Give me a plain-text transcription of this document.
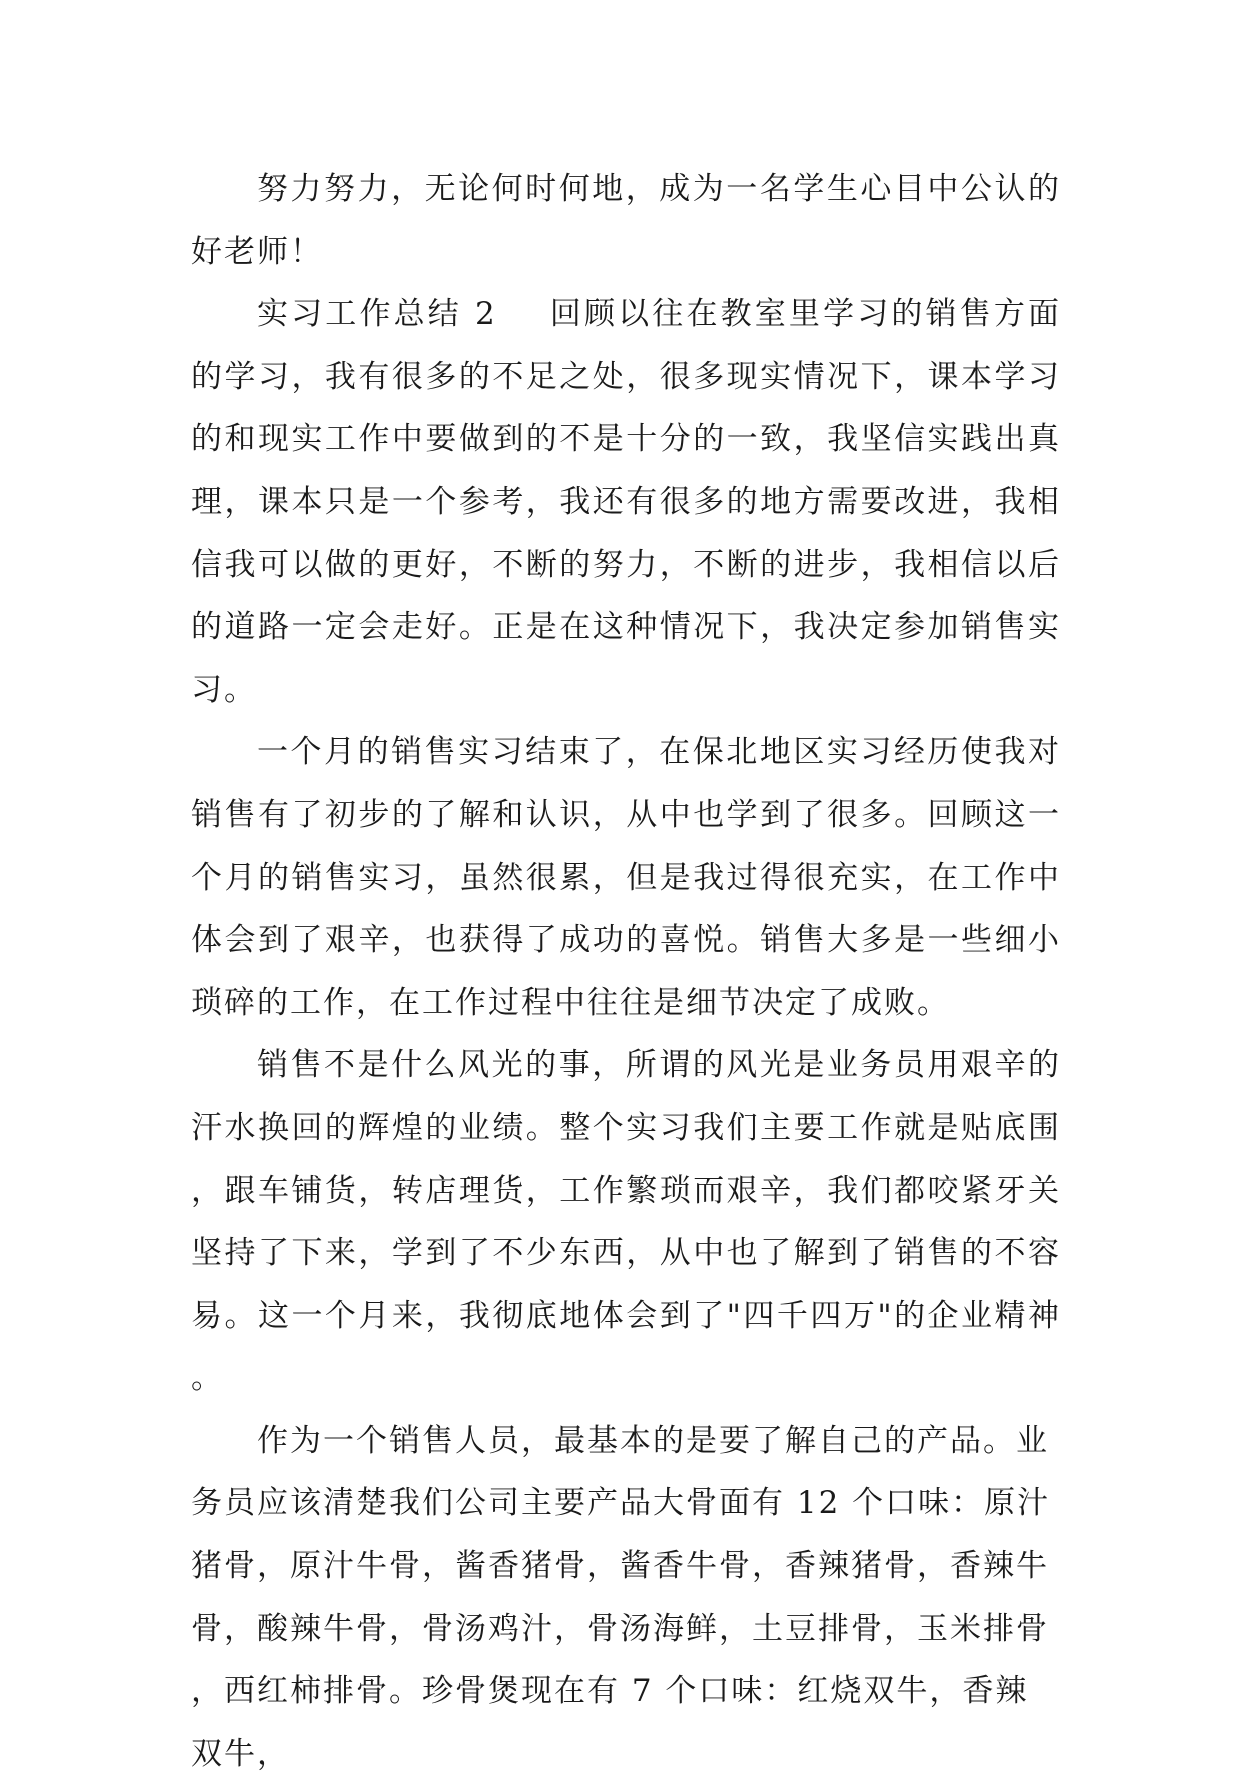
努力努力，无论何时何地，成为一名学生心目中公认的好老师！

实习工作总结 2 回顾以往在教室里学习的销售方面的学习，我有很多的不足之处，很多现实情况下，课本学习的和现实工作中要做到的不是十分的一致，我坚信实践出真理，课本只是一个参考，我还有很多的地方需要改进，我相信我可以做的更好，不断的努力，不断的进步，我相信以后的道路一定会走好。正是在这种情况下，我决定参加销售实习。

一个月的销售实习结束了，在保北地区实习经历使我对销售有了初步的了解和认识，从中也学到了很多。回顾这一个月的销售实习，虽然很累，但是我过得很充实，在工作中体会到了艰辛，也获得了成功的喜悦。销售大多是一些细小琐碎的工作，在工作过程中往往是细节决定了成败。

销售不是什么风光的事，所谓的风光是业务员用艰辛的汗水换回的辉煌的业绩。整个实习我们主要工作就是贴底围，跟车铺货，转店理货，工作繁琐而艰辛，我们都咬紧牙关坚持了下来，学到了不少东西，从中也了解到了销售的不容易。这一个月来，我彻底地体会到了"四千四万"的企业精神。

作为一个销售人员，最基本的是要了解自己的产品。业务员应该清楚我们公司主要产品大骨面有 12 个口味：原汁猪骨，原汁牛骨，酱香猪骨，酱香牛骨，香辣猪骨，香辣牛骨，酸辣牛骨，骨汤鸡汁，骨汤海鲜，土豆排骨，玉米排骨，西红柿排骨。珍骨煲现在有 7 个口味：红烧双牛，香辣双牛，
